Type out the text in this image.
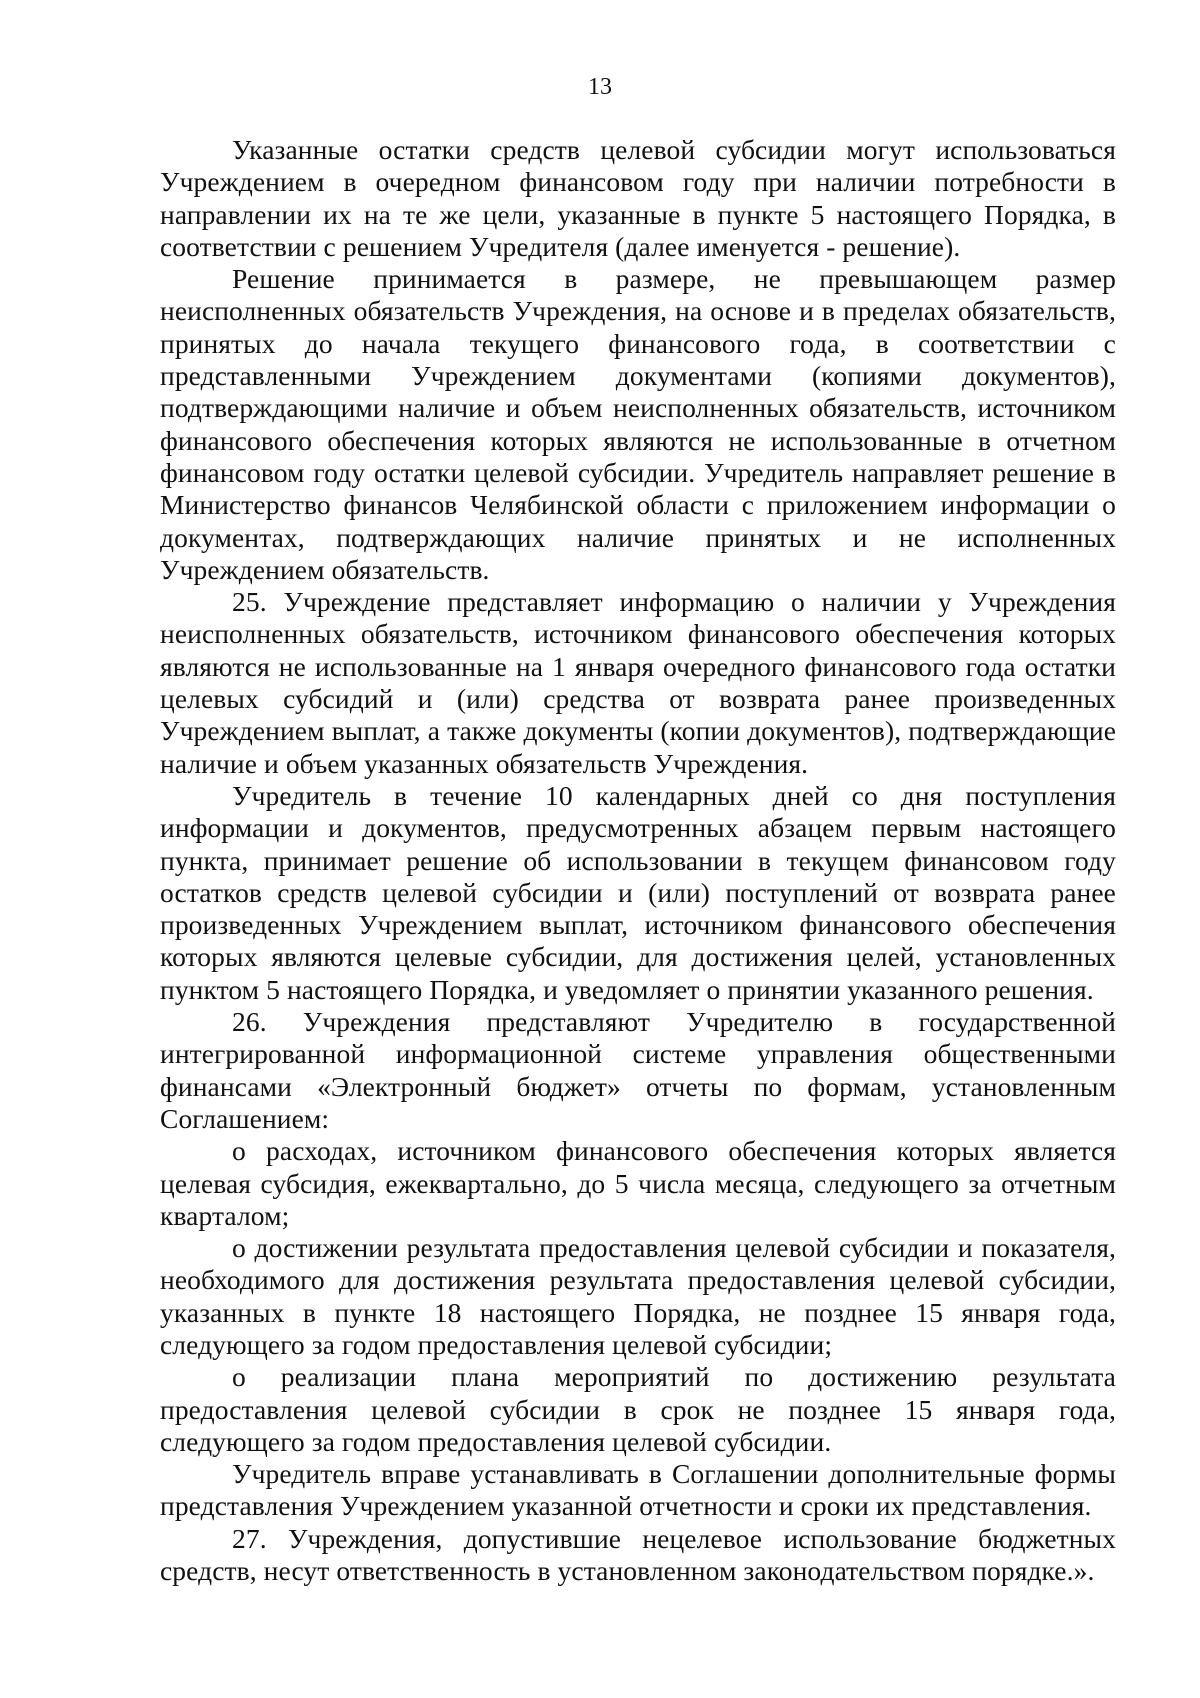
13

Указанные остатки средств целевой субсидии могут использоваться Учреждением в очередном финансовом году при наличии потребности в направлении их на те же цели, указанные в пункте 5 настоящего Порядка, в соответствии с решением Учредителя (далее именуется - решение).

Решение принимается в размере, не превышающем размер неисполненных обязательств Учреждения, на основе и в пределах обязательств, принятых до начала текущего финансового года, в соответствии с представленными Учреждением документами (копиями документов), подтверждающими наличие и объем неисполненных обязательств, источником финансового обеспечения которых являются не использованные в отчетном финансовом году остатки целевой субсидии. Учредитель направляет решение в Министерство финансов Челябинской области с приложением информации о документах, подтверждающих наличие принятых и не исполненных Учреждением обязательств.

25. Учреждение представляет информацию о наличии у Учреждения неисполненных обязательств, источником финансового обеспечения которых являются не использованные на 1 января очередного финансового года остатки целевых субсидий и (или) средства от возврата ранее произведенных Учреждением выплат, а также документы (копии документов), подтверждающие наличие и объем указанных обязательств Учреждения.

Учредитель в течение 10 календарных дней со дня поступления информации и документов, предусмотренных абзацем первым настоящего пункта, принимает решение об использовании в текущем финансовом году остатков средств целевой субсидии и (или) поступлений от возврата ранее произведенных Учреждением выплат, источником финансового обеспечения которых являются целевые субсидии, для достижения целей, установленных пунктом 5 настоящего Порядка, и уведомляет о принятии указанного решения.

26. Учреждения представляют Учредителю в государственной интегрированной информационной системе управления общественными финансами «Электронный бюджет» отчеты по формам, установленным Соглашением:

о расходах, источником финансового обеспечения которых является целевая субсидия, ежеквартально, до 5 числа месяца, следующего за отчетным кварталом;

о достижении результата предоставления целевой субсидии и показателя, необходимого для достижения результата предоставления целевой субсидии, указанных в пункте 18 настоящего Порядка, не позднее 15 января года, следующего за годом предоставления целевой субсидии;

о реализации плана мероприятий по достижению результата предоставления целевой субсидии в срок не позднее 15 января года, следующего за годом предоставления целевой субсидии.

Учредитель вправе устанавливать в Соглашении дополнительные формы представления Учреждением указанной отчетности и сроки их представления.

27. Учреждения, допустившие нецелевое использование бюджетных средств, несут ответственность в установленном законодательством порядке.».
